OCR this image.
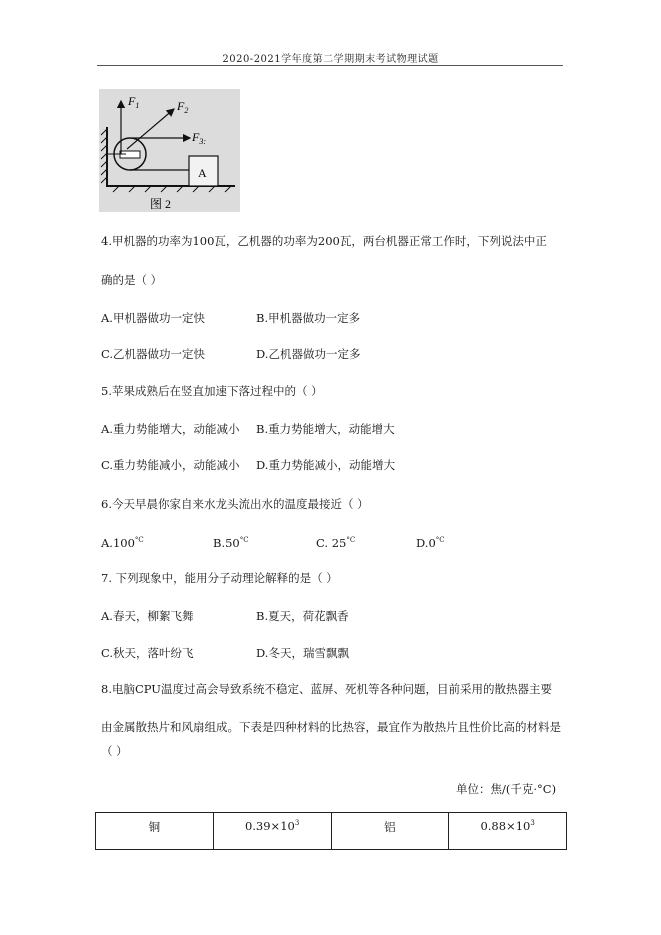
2020-2021学年度第二学期期末考试物理试题
A
$F_1$	$F_2$
$F_{3:}$
图 2
4.甲机器的功率为100瓦，乙机器的功率为200瓦，两台机器正常工作时，下列说法中正
确的是（ ）
A.甲机器做功一定快	B.甲机器做功一定多
C.乙机器做功一定快	D.乙机器做功一定多
5.苹果成熟后在竖直加速下落过程中的（ ）
A.重力势能增大，动能减小 B.重力势能增大，动能增大
C.重力势能减小，动能减小 D.重力势能减小，动能增大
6.今天早晨你家自来水龙头流出水的温度最接近（ ）
$A.100^{^\circ C}$	$B.50^{^\circ C}$	C. $25^{^\circ C}$	$D.0^{^\circ C}$
7. 下列现象中，能用分子动理论解释的是（ ）
A.春天，柳絮飞舞	B.夏天，荷花飘香
C.秋天，落叶纷飞	D.冬天，瑞雪飘飘
8.电脑CPU温度过高会导致系统不稳定、蓝屏、死机等各种问题，目前采用的散热器主要
由金属散热片和风扇组成。下表是四种材料的比热容，最宜作为散热片且性价比高的材料是
（ ）
单位：焦/(千克·°C)
铜	$0.39\times 10^3$	铝	$0.88\times 10^3$
